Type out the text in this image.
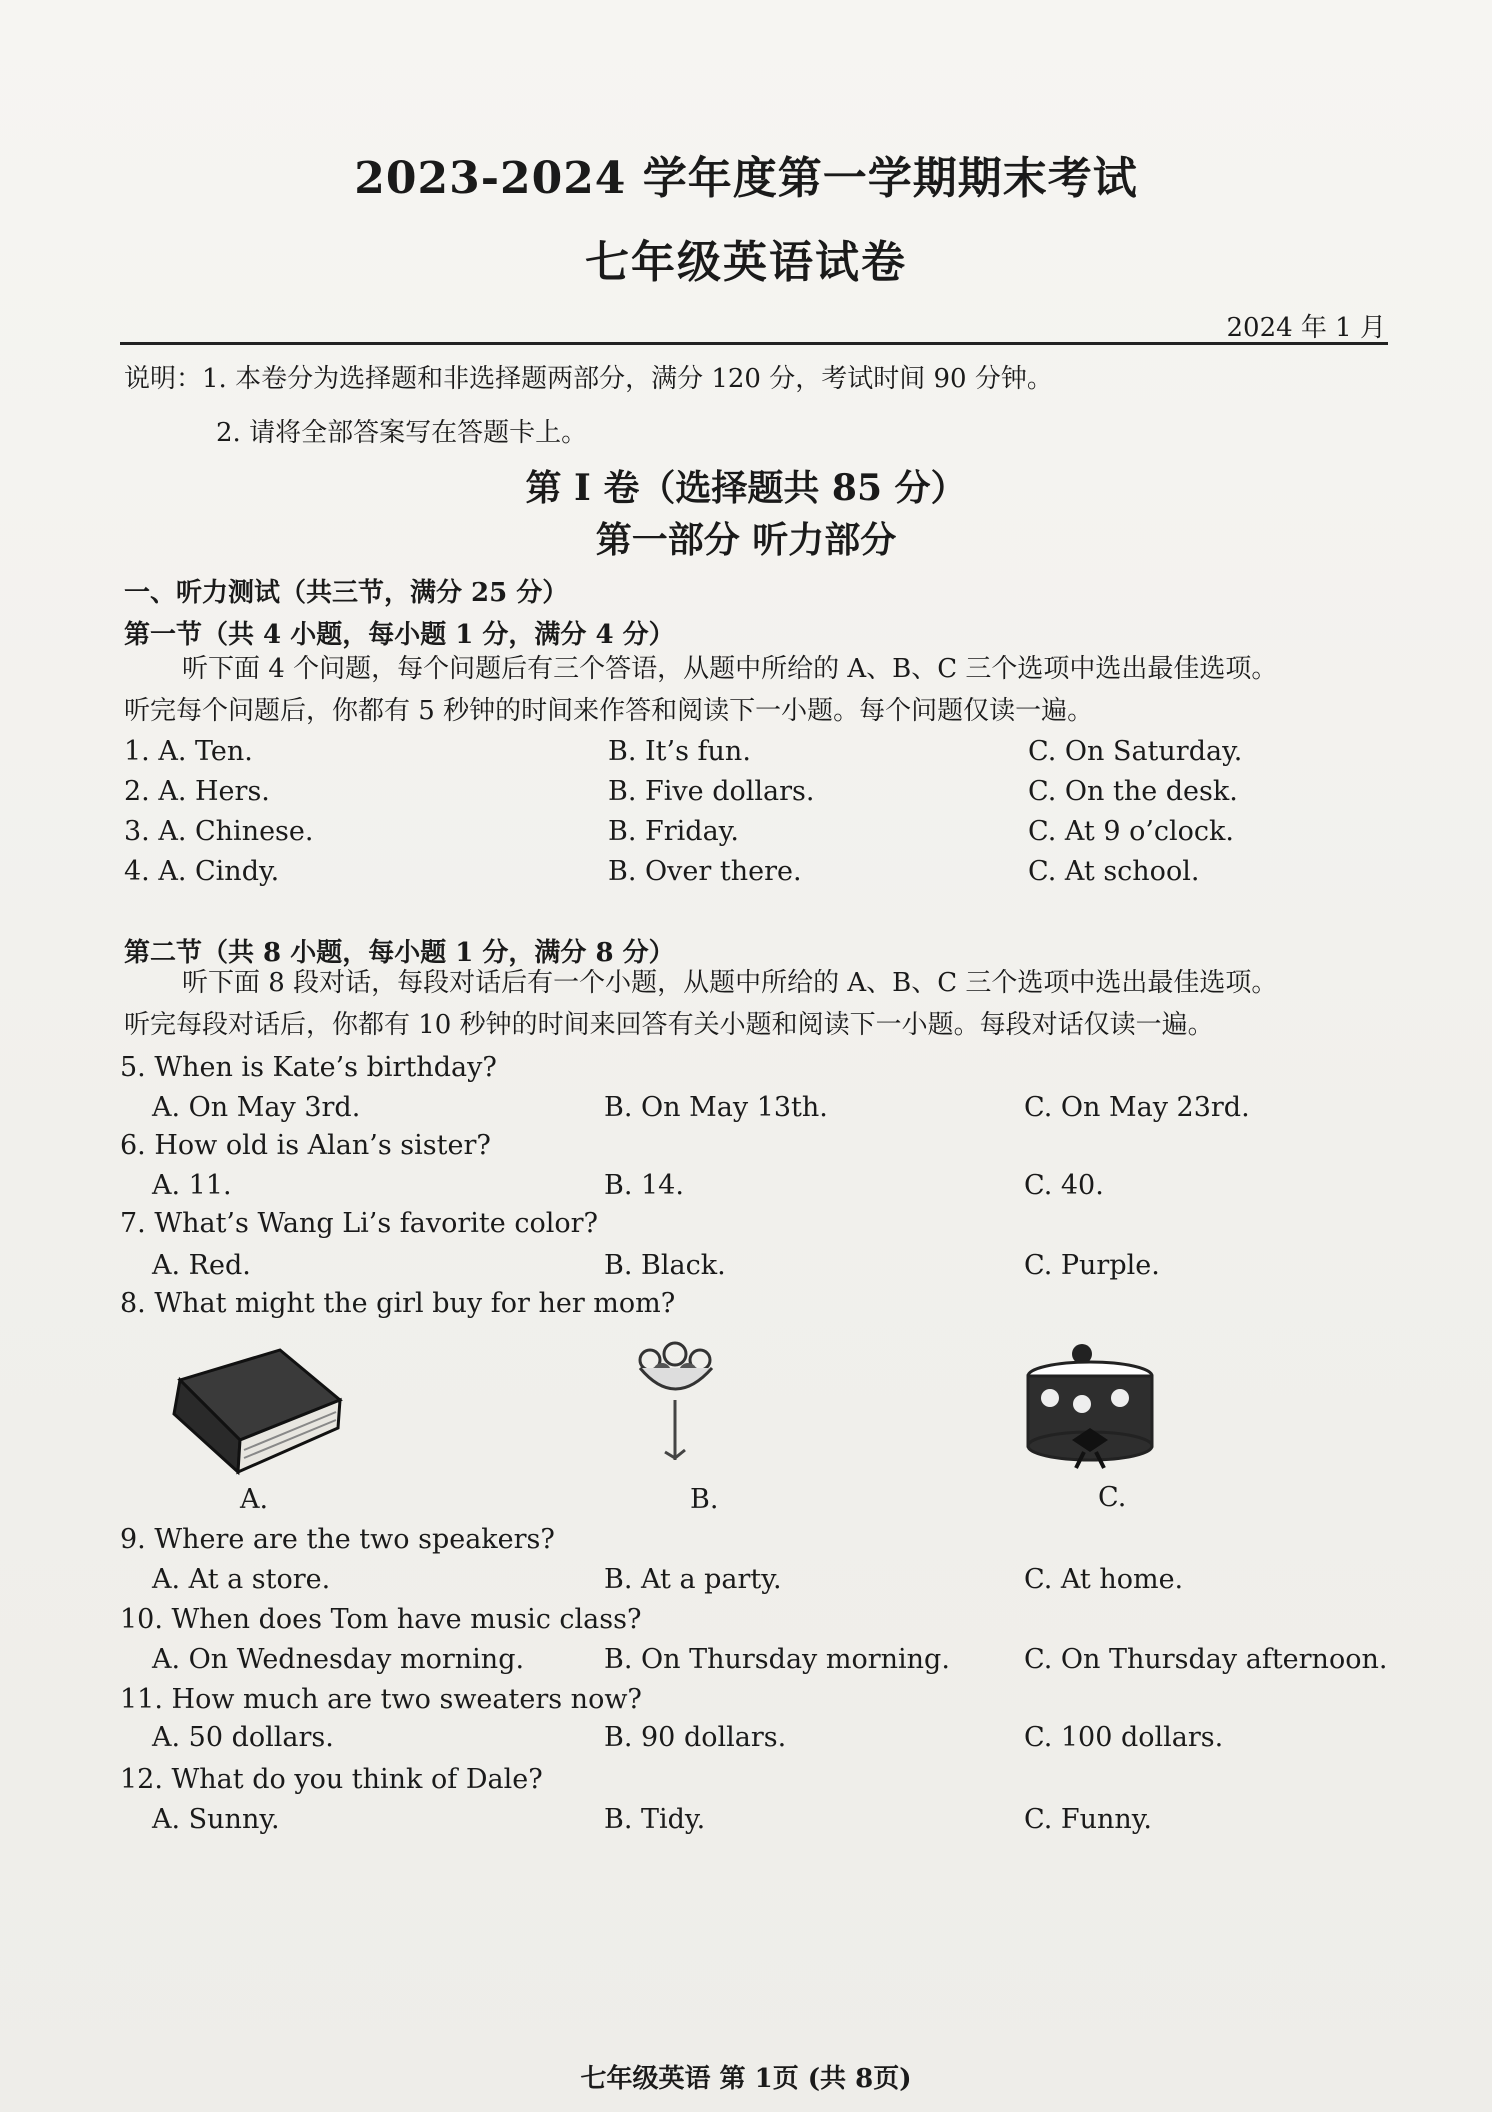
2023-2024 学年度第一学期期末考试
七年级英语试卷
2024 年 1 月
说明：1. 本卷分为选择题和非选择题两部分，满分 120 分，考试时间 90 分钟。
2. 请将全部答案写在答题卡上。
第 I 卷（选择题共 85 分）
第一部分 听力部分
一、听力测试（共三节，满分 25 分）
第一节（共 4 小题，每小题 1 分，满分 4 分）
听下面 4 个问题，每个问题后有三个答语，从题中所给的 A、B、C 三个选项中选出最佳选项。
听完每个问题后，你都有 5 秒钟的时间来作答和阅读下一小题。每个问题仅读一遍。
1. A. Ten.	B. It’s fun.	C. On Saturday.
2. A. Hers.	B. Five dollars.	C. On the desk.
3. A. Chinese.	B. Friday.	C. At 9 o’clock.
4. A. Cindy.	B. Over there.	C. At school.
第二节（共 8 小题，每小题 1 分，满分 8 分）
听下面 8 段对话，每段对话后有一个小题，从题中所给的 A、B、C 三个选项中选出最佳选项。
听完每段对话后，你都有 10 秒钟的时间来回答有关小题和阅读下一小题。每段对话仅读一遍。
5. When is Kate’s birthday?
A. On May 3rd.	B. On May 13th.	C. On May 23rd.
6. How old is Alan’s sister?
A. 11.	B. 14.	C. 40.
7. What’s Wang Li’s favorite color?
A. Red.	B. Black.	C. Purple.
8. What might the girl buy for her mom?
A.	B.	C.
9. Where are the two speakers?
A. At a store.	B. At a party.	C. At home.
10. When does Tom have music class?
A. On Wednesday morning.	B. On Thursday morning.	C. On Thursday afternoon.
11. How much are two sweaters now?
A. 50 dollars.	B. 90 dollars.	C. 100 dollars.
12. What do you think of Dale?
A. Sunny.	B. Tidy.	C. Funny.
七年级英语 第 1页 (共 8页)
